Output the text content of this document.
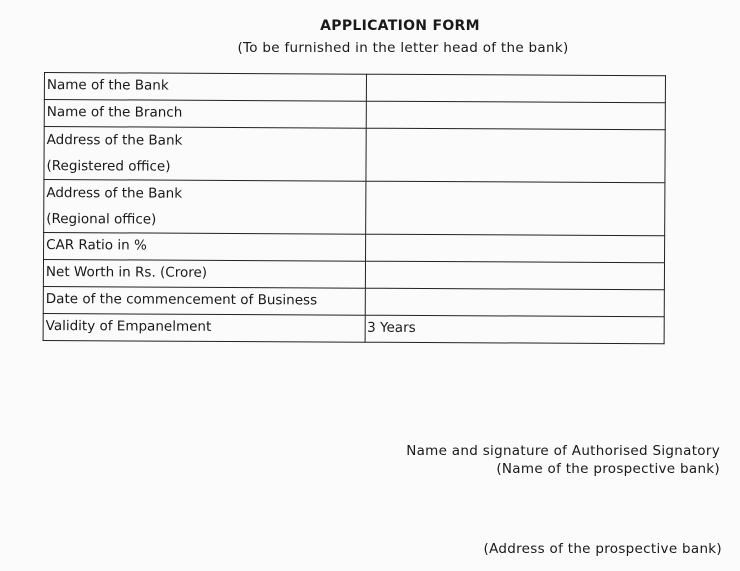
APPLICATION FORM
(To be furnished in the letter head of the bank)
Name of the Bank	

Name of the Branch	

Address of the Bank
(Registered office)	

Address of the Bank
(Regional office)	

CAR Ratio in %	

Net Worth in Rs. (Crore)	

Date of the commencement of Business	

Validity of Empanelment	3 Years
Name and signature of Authorised Signatory
(Name of the prospective bank)
(Address of the prospective bank)
